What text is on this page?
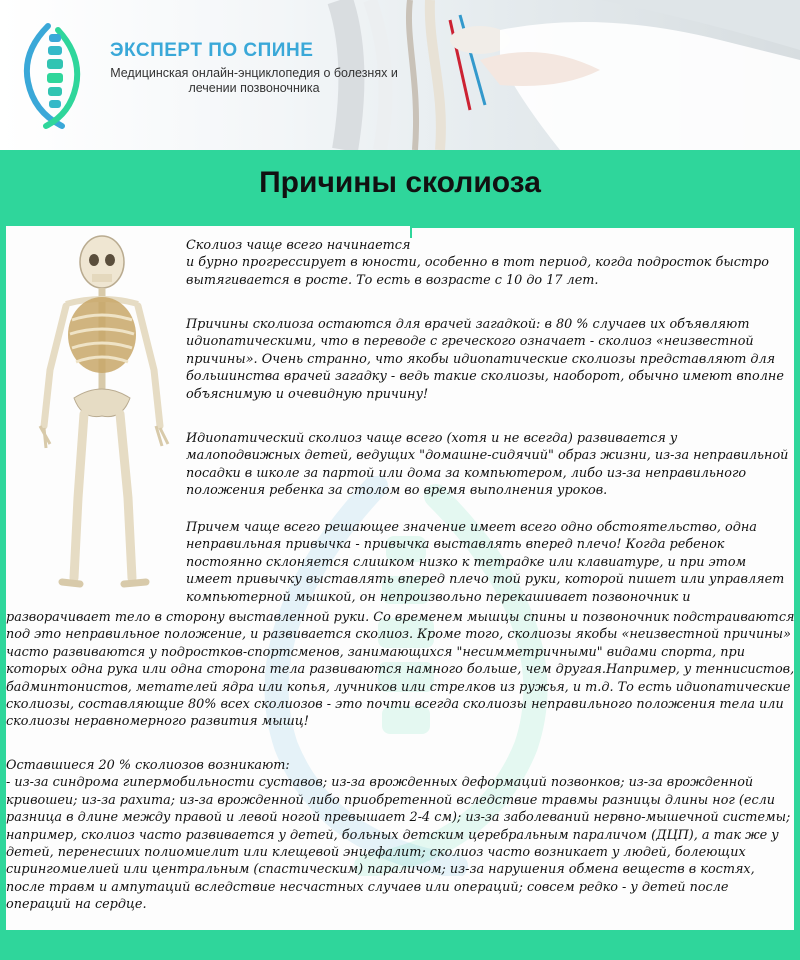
ЭКСПЕРТ ПО СПИНЕ
Медицинская онлайн-энциклопедия о болезнях и лечении позвоночника
Причины сколиоза

Сколиоз чаще всего начинается
и бурно прогрессирует в юности, особенно в тот период, когда подросток быстро вытягивается в росте. То есть в возрасте с 10 до 17 лет.

Причины сколиоза остаются для врачей загадкой: в 80 % случаев их объявляют идиопатическими, что в переводе с греческого означает - сколиоз «неизвестной причины». Очень странно, что якобы идиопатические сколиозы представляют для большинства врачей загадку - ведь такие сколиозы, наоборот, обычно имеют вполне объяснимую и очевидную причину!

Идиопатический сколиоз чаще всего (хотя и не всегда) развивается у малоподвижных детей, ведущих "домашне-сидячий" образ жизни, из-за неправильной посадки в школе за партой или дома за компьютером, либо из-за неправильного положения ребенка за столом во время выполнения уроков.

Причем чаще всего решающее значение имеет всего одно обстоятельство, одна неправильная привычка - привычка выставлять вперед плечо! Когда ребенок постоянно склоняется слишком низко к тетрадке или клавиатуре, и при этом имеет привычку выставлять вперед плечо той руки, которой пишет или управляет компьютерной мышкой, он непроизвольно перекашивает позвоночник и

разворачивает тело в сторону выставленной руки. Со временем мышцы спины и позвоночник подстраиваются под это неправильное положение, и развивается сколиоз. Кроме того, сколиозы якобы «неизвестной причины» часто развиваются у подростков-спортсменов, занимающихся "несимметричными" видами спорта, при которых одна рука или одна сторона тела развиваются намного больше, чем другая.Например, у теннисистов, бадминтонистов, метателей ядра или копья, лучников или стрелков из ружья, и т.д. То есть идиопатические сколиозы, составляющие 80% всех сколиозов - это почти всегда сколиозы неправильного положения тела или сколиозы неравномерного развития мышц!

Оставшиеся 20 % сколиозов возникают:
- из-за синдрома гипермобильности суставов; из-за врожденных деформаций позвонков; из-за врожденной кривошеи; из-за рахита; из-за врожденной либо приобретенной вследствие травмы разницы длины ног (если разница в длине между правой и левой ногой превышает 2-4 см); из-за заболеваний нервно-мышечной системы; например, сколиоз часто развивается у детей, больных детским церебральным параличом (ДЦП), а так же у детей, перенесших полиомиелит или клещевой энцефалит; сколиоз часто возникает у людей, болеющих сирингомиелией или центральным (спастическим) параличом; из-за нарушения обмена веществ в костях, после травм и ампутаций вследствие несчастных случаев или операций; совсем редко - у детей после операций на сердце.
